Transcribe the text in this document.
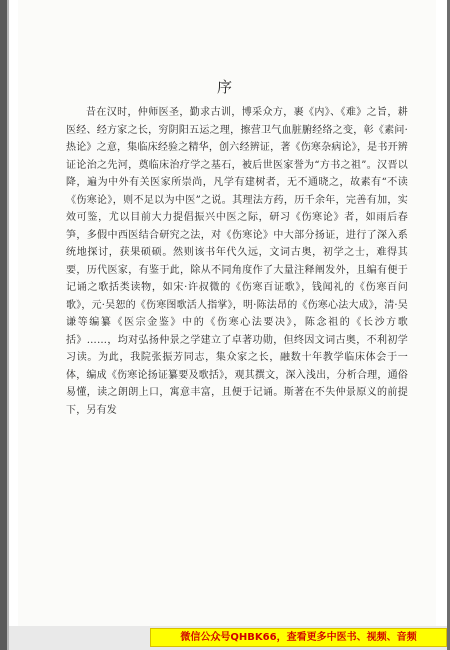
序

昔在汉时，仲师医圣，勤求古训，博采众方，裹《内》、《难》之旨，耕医经、经方家之长，穷阴阳五运之理，擦营卫气血脏腑经络之变，彰《素问·热论》之意，集临床经验之精华，创六经辨证，著《伤寒杂病论》，是书开辨证论治之先河，奠临床治疗学之基石，被后世医家誉为“方书之祖”。汉晋以降，遍为中外有关医家所崇尚，凡学有建树者，无不通晓之，故素有“不读《伤寒论》，则不足以为中医”之说。其理法方药，历千余年，完善有加，实效可鉴，尤以目前大力提倡振兴中医之际，研习《伤寒论》者，如雨后春笋，多假中西医结合研究之法，对《伤寒论》中大部分扬证，进行了深入系统地探讨，获果硕硕。然则该书年代久远，文词古奥，初学之士，难得其要，历代医家，有鉴于此，除从不同角度作了大量注释阐发外，且编有便于记诵之歌括类读物，如宋·许叔微的《伤寒百证歌》，钱闻礼的《伤寒百问歌》，元·吴恕的《伤寒图歌活人指掌》，明·陈法昂的《伤寒心法大成》，清·吴谦等编纂《医宗金鉴》中的《伤寒心法要决》，陈念祖的《长沙方歌括》……，均对弘扬仲景之学建立了卓著功勋，但终因文词古奥，不利初学习读。为此，我院张振芳同志，集众家之长，融数十年教学临床体会于一体，编成《伤寒论扬证纂要及歌括》，观其撰文，深入浅出，分析合理，通俗易懂，读之朗朗上口，寓意丰富，且便于记诵。斯著在不失仲景原义的前提下，另有发

微信公众号QHBK66，查看更多中医书、视频、音频
